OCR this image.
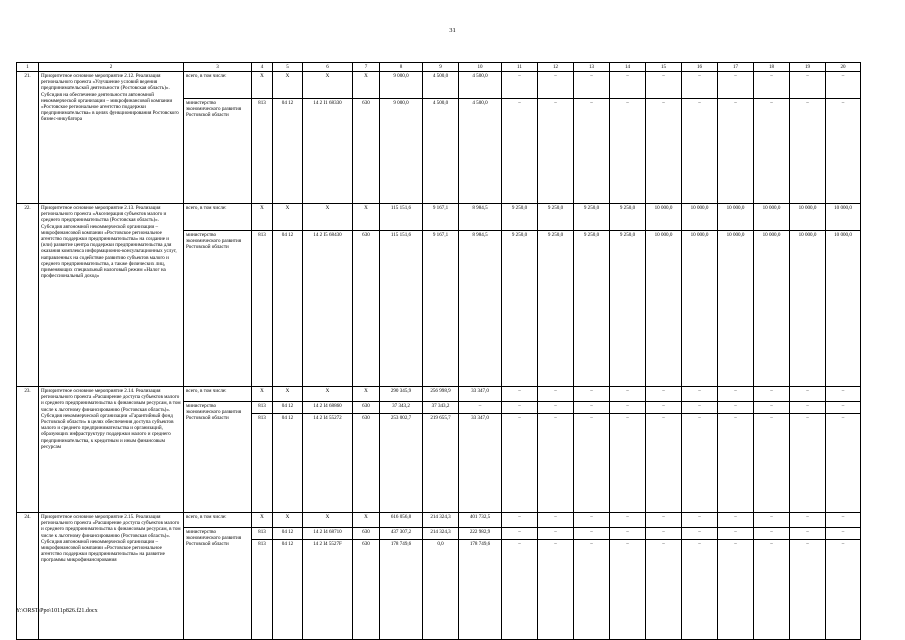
31
1	2	3	4	5	6	7	8	9	10	11	12	13	14	15	16	17	18	19	20
21.	Приоритетное основное мероприятие 2.12. Реализация регионального проекта «Улучшение условий ведения предпринимательской деятельности (Ростовская область)». Субсидия на обеспечение деятельности автономной некоммерческой организации – микрофинансовой компании «Ростовское региональное агентство поддержки предпринимательства» в целях функционирования Ростовского бизнес-инкубатора	всего, в том числе:	X	X	X	X	9 000,0	4 500,0	4 500,0	–	–	–	–	–	–	–	–	–	–
		министерство экономического развития Ростовской области	813	04 12	14 2 I1 68330	630	9 000,0	4 500,0	4 500,0	–	–	–	–	–	–	–	–	–	–
22.	Приоритетное основное мероприятие 2.13. Реализация регионального проекта «Акселерация субъектов малого и среднего предпринимательства (Ростовская область)». Субсидия автономной некоммерческой организации – микрофинансовой компании «Ростовское региональное агентство поддержки предпринимательства» на создание и (или) развитие центра поддержки предпринимательства для оказания комплекса информационно-консультационных услуг, направленных на содействие развитию субъектов малого и среднего предпринимательства, а также физических лиц, применяющих специальный налоговый режим «Налог на профессиональный доход»	всего, в том числе:	X	X	X	X	115 151,6	9 167,1	8 984,5	9 250,0	9 250,0	9 250,0	9 250,0	10 000,0	10 000,0	10 000,0	10 000,0	10 000,0	10 000,0
		министерство экономического развития Ростовской области	813	04 12	14 2 I5 68430	630	115 151,6	9 167,1	8 984,5	9 250,0	9 250,0	9 250,0	9 250,0	10 000,0	10 000,0	10 000,0	10 000,0	10 000,0	10 000,0
23.	Приоритетное основное мероприятие 2.14. Реализация регионального проекта «Расширение доступа субъектов малого и среднего предпринимательства к финансовым ресурсам, в том числе к льготному финансированию (Ростовская область)». Субсидия некоммерческой организации «Гарантийный фонд Ростовской области» в целях обеспечения доступа субъектов малого и среднего предпринимательства и организаций, образующих инфраструктуру поддержки малого и среднего предпринимательства, к кредитным и иным финансовым ресурсам	всего, в том числе:	X	X	X	X	290 345,9	256 998,9	33 347,0	–	–	–	–	–	–	–	–	–	–
		министерство экономического развития Ростовской области	813	04 12	14 2 I4 68860	630	37 343,2	37 343,2	–	–	–	–	–	–	–	–	–	–	–
			813	04 12	14 2 I4 55272	630	253 002,7	219 655,7	33 347,0	–	–	–	–	–	–	–	–	–	–
24.	Приоритетное основное мероприятие 2.15. Реализация регионального проекта «Расширение доступа субъектов малого и среднего предпринимательства к финансовым ресурсам, в том числе к льготному финансированию (Ростовская область)». Субсидия автономной некоммерческой организации – микрофинансовой компании «Ростовское региональное агентство поддержки предпринимательства» на развитие программы микрофинансирования	всего, в том числе:	X	X	X	X	616 056,8	214 324,3	401 732,5	–	–	–	–	–	–	–	–	–	–
		министерство экономического развития Ростовской области	813	04 12	14 2 I4 68710	630	437 307,2	214 324,3	222 982,9	–	–	–	–	–	–	–	–	–	–
			813	04 12	14 2 I4 5527F	630	178 749,6	0,0	178 749,6	–	–	–	–	–	–	–	–	–	–
Y:\ORST\Ppo\1011p826.f21.docx
